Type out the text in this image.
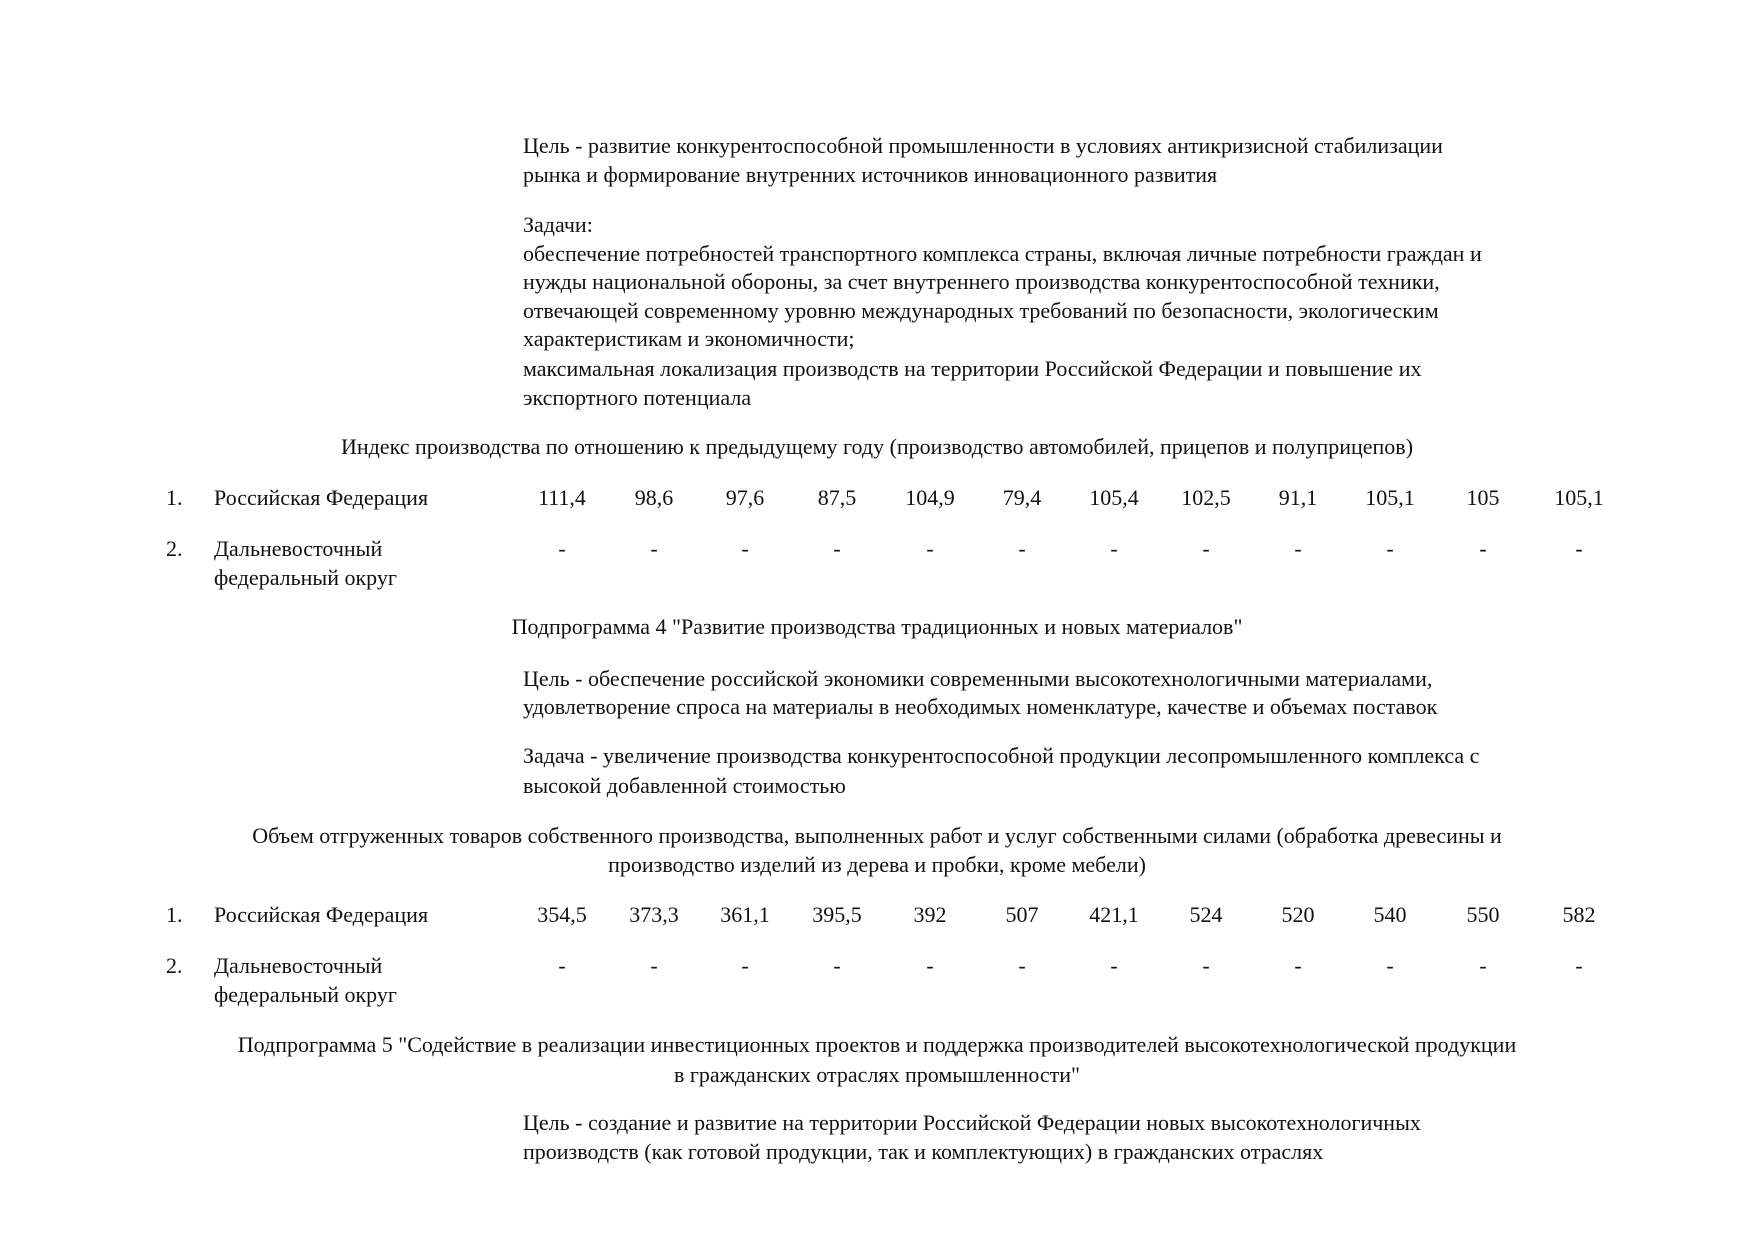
Цель - развитие конкурентоспособной промышленности в условиях антикризисной стабилизации
рынка и формирование внутренних источников инновационного развития
Задачи:
обеспечение потребностей транспортного комплекса страны, включая личные потребности граждан и
нужды национальной обороны, за счет внутреннего производства конкурентоспособной техники,
отвечающей современному уровню международных требований по безопасности, экологическим
характеристикам и экономичности;
максимальная локализация производств на территории Российской Федерации и повышение их
экспортного потенциала
Индекс производства по отношению к предыдущему году (производство автомобилей, прицепов и полуприцепов)
1. Российская Федерация	111,4	98,6	97,6	87,5	104,9	79,4	105,4	102,5	91,1	105,1	105	105,1
2. Дальневосточный
федеральный округ
-	-	-	-	-	-	-	-	-	-	-	-
Подпрограмма 4 "Развитие производства традиционных и новых материалов"
Цель - обеспечение российской экономики современными высокотехнологичными материалами,
удовлетворение спроса на материалы в необходимых номенклатуре, качестве и объемах поставок
Задача - увеличение производства конкурентоспособной продукции лесопромышленного комплекса с
высокой добавленной стоимостью
Объем отгруженных товаров собственного производства, выполненных работ и услуг собственными силами (обработка древесины и
производство изделий из дерева и пробки, кроме мебели)
1. Российская Федерация	354,5	373,3	361,1	395,5	392	507	421,1	524	520	540	550	582
2. Дальневосточный
федеральный округ
-	-	-	-	-	-	-	-	-	-	-	-
Подпрограмма 5 "Содействие в реализации инвестиционных проектов и поддержка производителей высокотехнологической продукции
в гражданских отраслях промышленности"
Цель - создание и развитие на территории Российской Федерации новых высокотехнологичных
производств (как готовой продукции, так и комплектующих) в гражданских отраслях
